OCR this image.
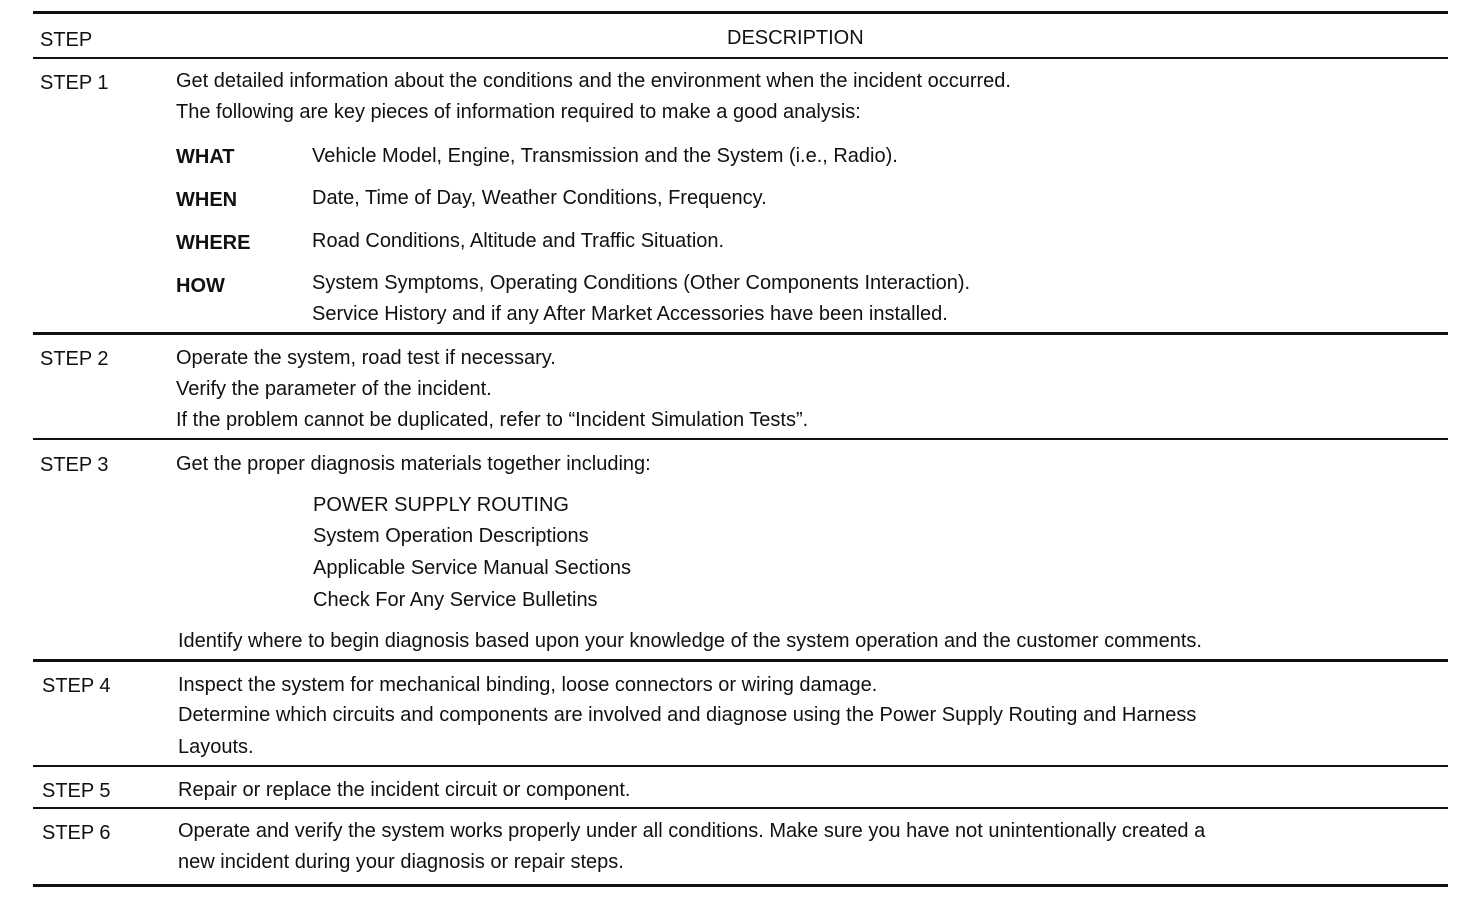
STEP	DESCRIPTION
STEP 1	Get detailed information about the conditions and the environment when the incident occurred.
The following are key pieces of information required to make a good analysis:
WHAT	Vehicle Model, Engine, Transmission and the System (i.e., Radio).
WHEN	Date, Time of Day, Weather Conditions, Frequency.
WHERE	Road Conditions, Altitude and Traffic Situation.
HOW	System Symptoms, Operating Conditions (Other Components Interaction).
Service History and if any After Market Accessories have been installed.
STEP 2	Operate the system, road test if necessary.
Verify the parameter of the incident.
If the problem cannot be duplicated, refer to “Incident Simulation Tests”.
STEP 3	Get the proper diagnosis materials together including:
POWER SUPPLY ROUTING
System Operation Descriptions
Applicable Service Manual Sections
Check For Any Service Bulletins
Identify where to begin diagnosis based upon your knowledge of the system operation and the customer comments.
STEP 4	Inspect the system for mechanical binding, loose connectors or wiring damage.
Determine which circuits and components are involved and diagnose using the Power Supply Routing and Harness
Layouts.
STEP 5	Repair or replace the incident circuit or component.
STEP 6	Operate and verify the system works properly under all conditions. Make sure you have not unintentionally created a
new incident during your diagnosis or repair steps.
